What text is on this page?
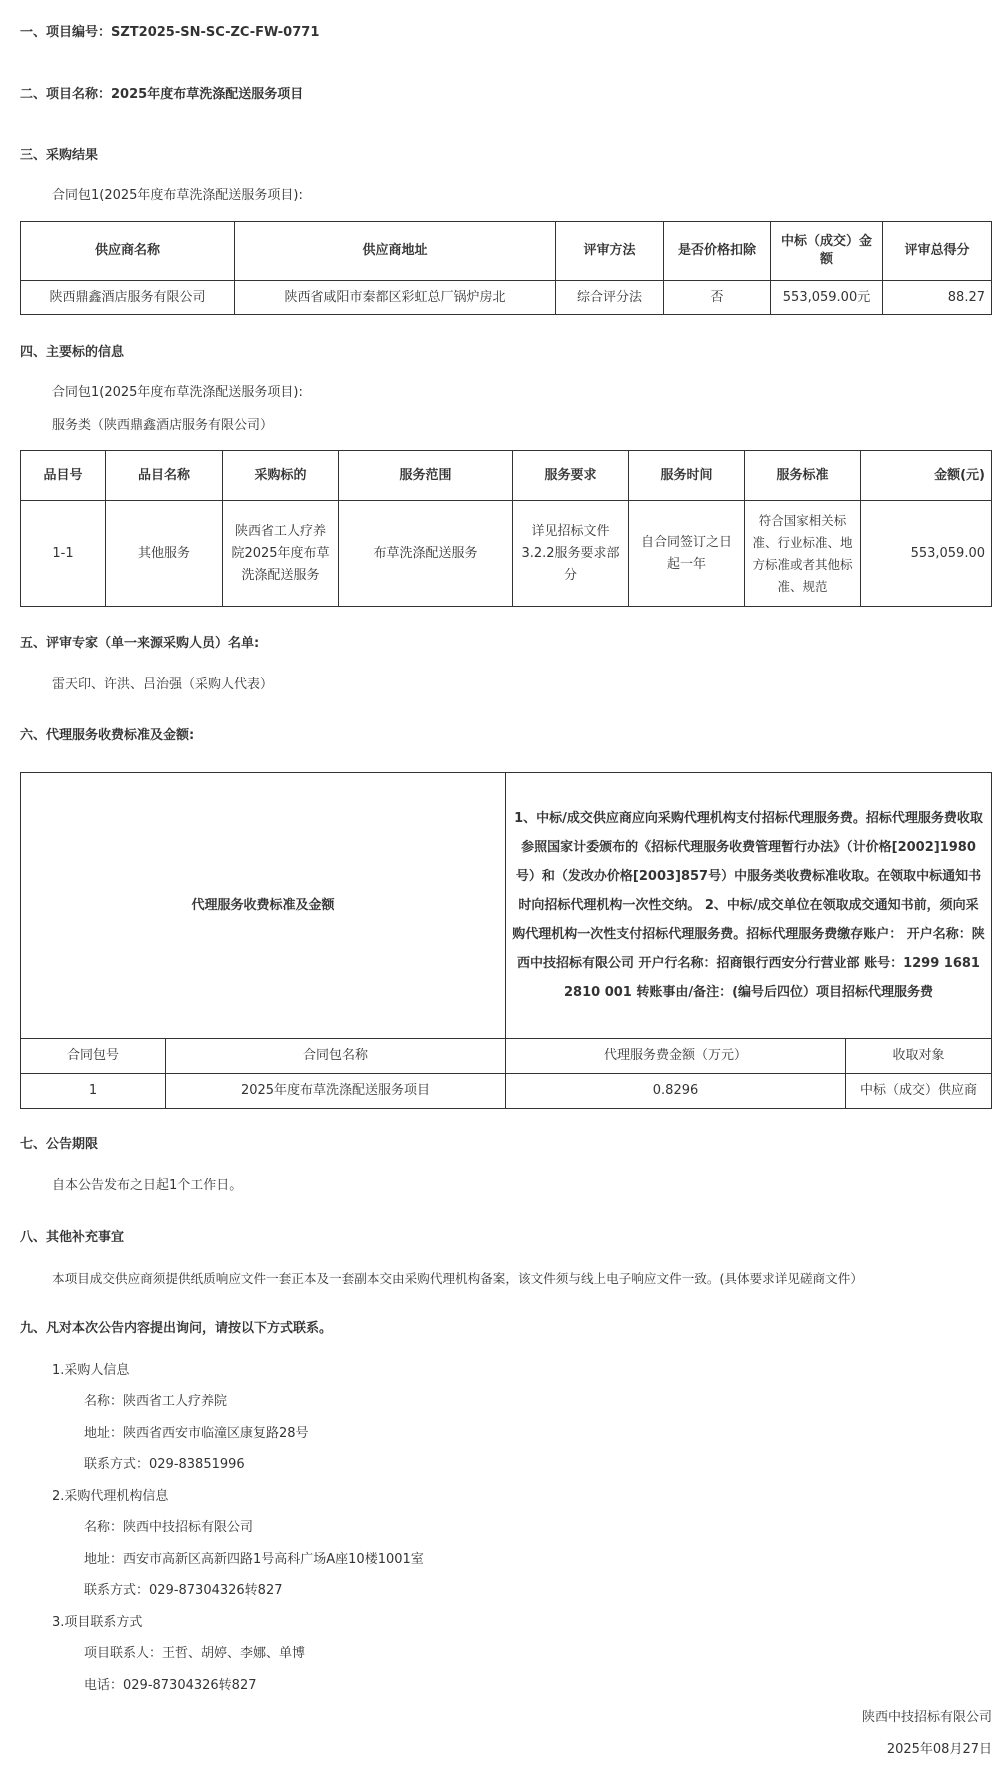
一、项目编号：SZT2025-SN-SC-ZC-FW-0771
二、项目名称：2025年度布草洗涤配送服务项目
三、采购结果
合同包1(2025年度布草洗涤配送服务项目):
供应商名称	供应商地址	评审方法	是否价格扣除	中标（成交）金额	评审总得分
陕西鼎鑫酒店服务有限公司	陕西省咸阳市秦都区彩虹总厂锅炉房北	综合评分法	否	553,059.00元	88.27
四、主要标的信息
合同包1(2025年度布草洗涤配送服务项目):
服务类（陕西鼎鑫酒店服务有限公司）
品目号	品目名称	采购标的	服务范围	服务要求	服务时间	服务标准	金额(元)
1-1	其他服务	陕西省工人疗养院2025年度布草洗涤配送服务	布草洗涤配送服务	详见招标文件3.2.2服务要求部分	自合同签订之日起一年	符合国家相关标准、行业标准、地方标准或者其他标准、规范	553,059.00
五、评审专家（单一来源采购人员）名单:
雷天印、许洪、吕治强（采购人代表）
六、代理服务收费标准及金额:
代理服务收费标准及金额		1、中标/成交供应商应向采购代理机构支付招标代理服务费。招标代理服务费收取参照国家计委颁布的《招标代理服务收费管理暂行办法》（计价格[2002]1980号）和（发改办价格[2003]857号）中服务类收费标准收取。在领取中标通知书时向招标代理机构一次性交纳。 2、中标/成交单位在领取成交通知书前，须向采购代理机构一次性支付招标代理服务费。招标代理服务费缴存账户： 开户名称：陕西中技招标有限公司 开户行名称：招商银行西安分行营业部 账号：1299 1681 2810 001 转账事由/备注：(编号后四位）项目招标代理服务费	
合同包号	合同包名称	代理服务费金额（万元）	收取对象
1	2025年度布草洗涤配送服务项目	0.8296	中标（成交）供应商
七、公告期限
自本公告发布之日起1个工作日。
八、其他补充事宜
本项目成交供应商须提供纸质响应文件一套正本及一套副本交由采购代理机构备案，该文件须与线上电子响应文件一致。(具体要求详见磋商文件）
九、凡对本次公告内容提出询问，请按以下方式联系。
1.采购人信息
名称：陕西省工人疗养院
地址：陕西省西安市临潼区康复路28号
联系方式：029-83851996
2.采购代理机构信息
名称：陕西中技招标有限公司
地址：西安市高新区高新四路1号高科广场A座10楼1001室
联系方式：029-87304326转827
3.项目联系方式
项目联系人：王哲、胡婷、李娜、单博
电话：029-87304326转827
陕西中技招标有限公司
2025年08月27日
